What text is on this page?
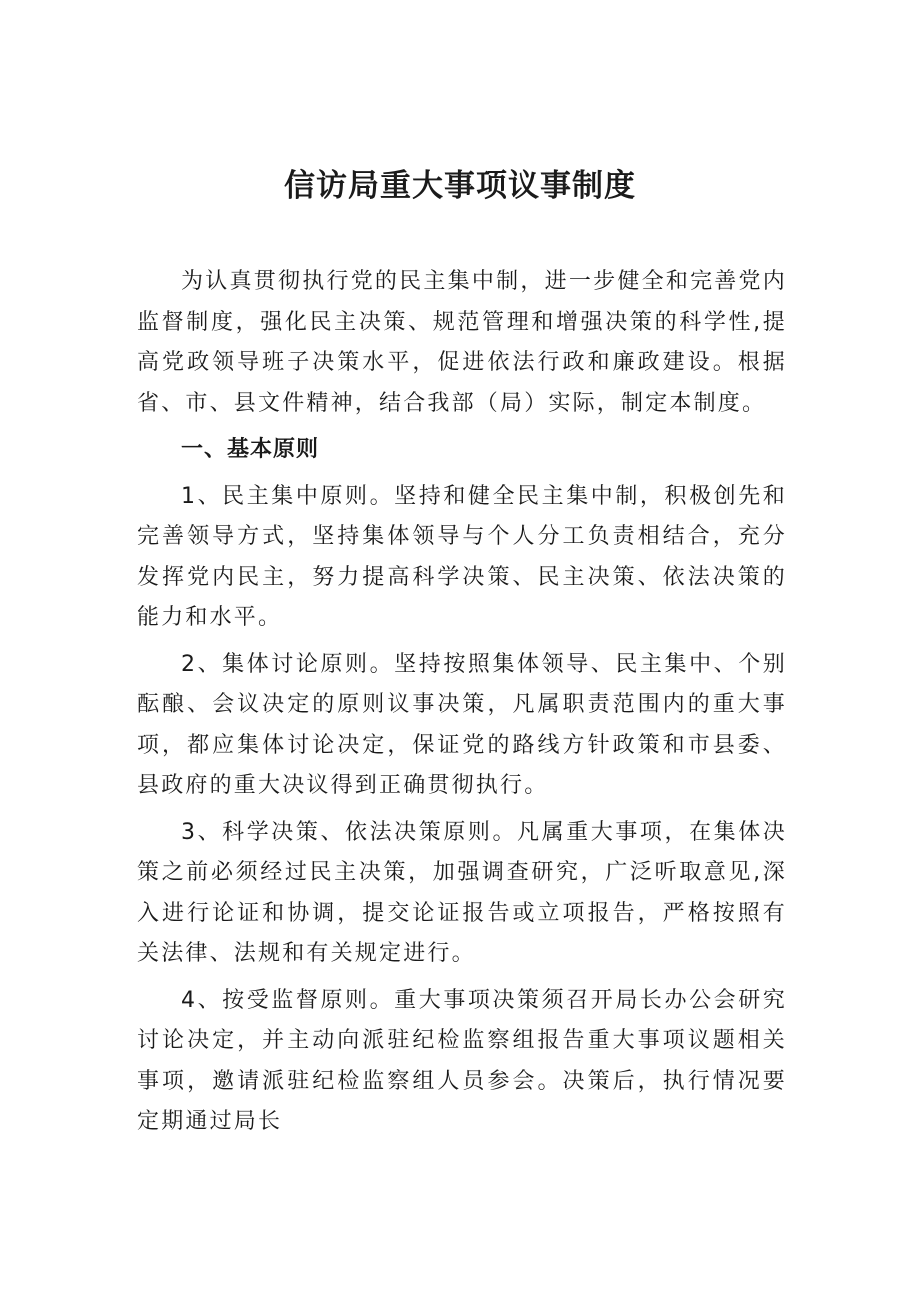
信访局重大事项议事制度

为认真贯彻执行党的民主集中制，进一步健全和完善党内监督制度，强化民主决策、规范管理和增强决策的科学性,提高党政领导班子决策水平，促进依法行政和廉政建设。根据省、市、县文件精神，结合我部（局）实际，制定本制度。

一、基本原则

1、民主集中原则。坚持和健全民主集中制，积极创先和完善领导方式，坚持集体领导与个人分工负责相结合，充分发挥党内民主，努力提高科学决策、民主决策、依法决策的能力和水平。

2、集体讨论原则。坚持按照集体领导、民主集中、个别酝酿、会议决定的原则议事决策，凡属职责范围内的重大事项，都应集体讨论决定，保证党的路线方针政策和市县委、县政府的重大决议得到正确贯彻执行。

3、科学决策、依法决策原则。凡属重大事项，在集体决策之前必须经过民主决策，加强调查研究，广泛听取意见,深入进行论证和协调，提交论证报告或立项报告，严格按照有关法律、法规和有关规定进行。

4、按受监督原则。重大事项决策须召开局长办公会研究讨论决定，并主动向派驻纪检监察组报告重大事项议题相关事项，邀请派驻纪检监察组人员参会。决策后，执行情况要定期通过局长
